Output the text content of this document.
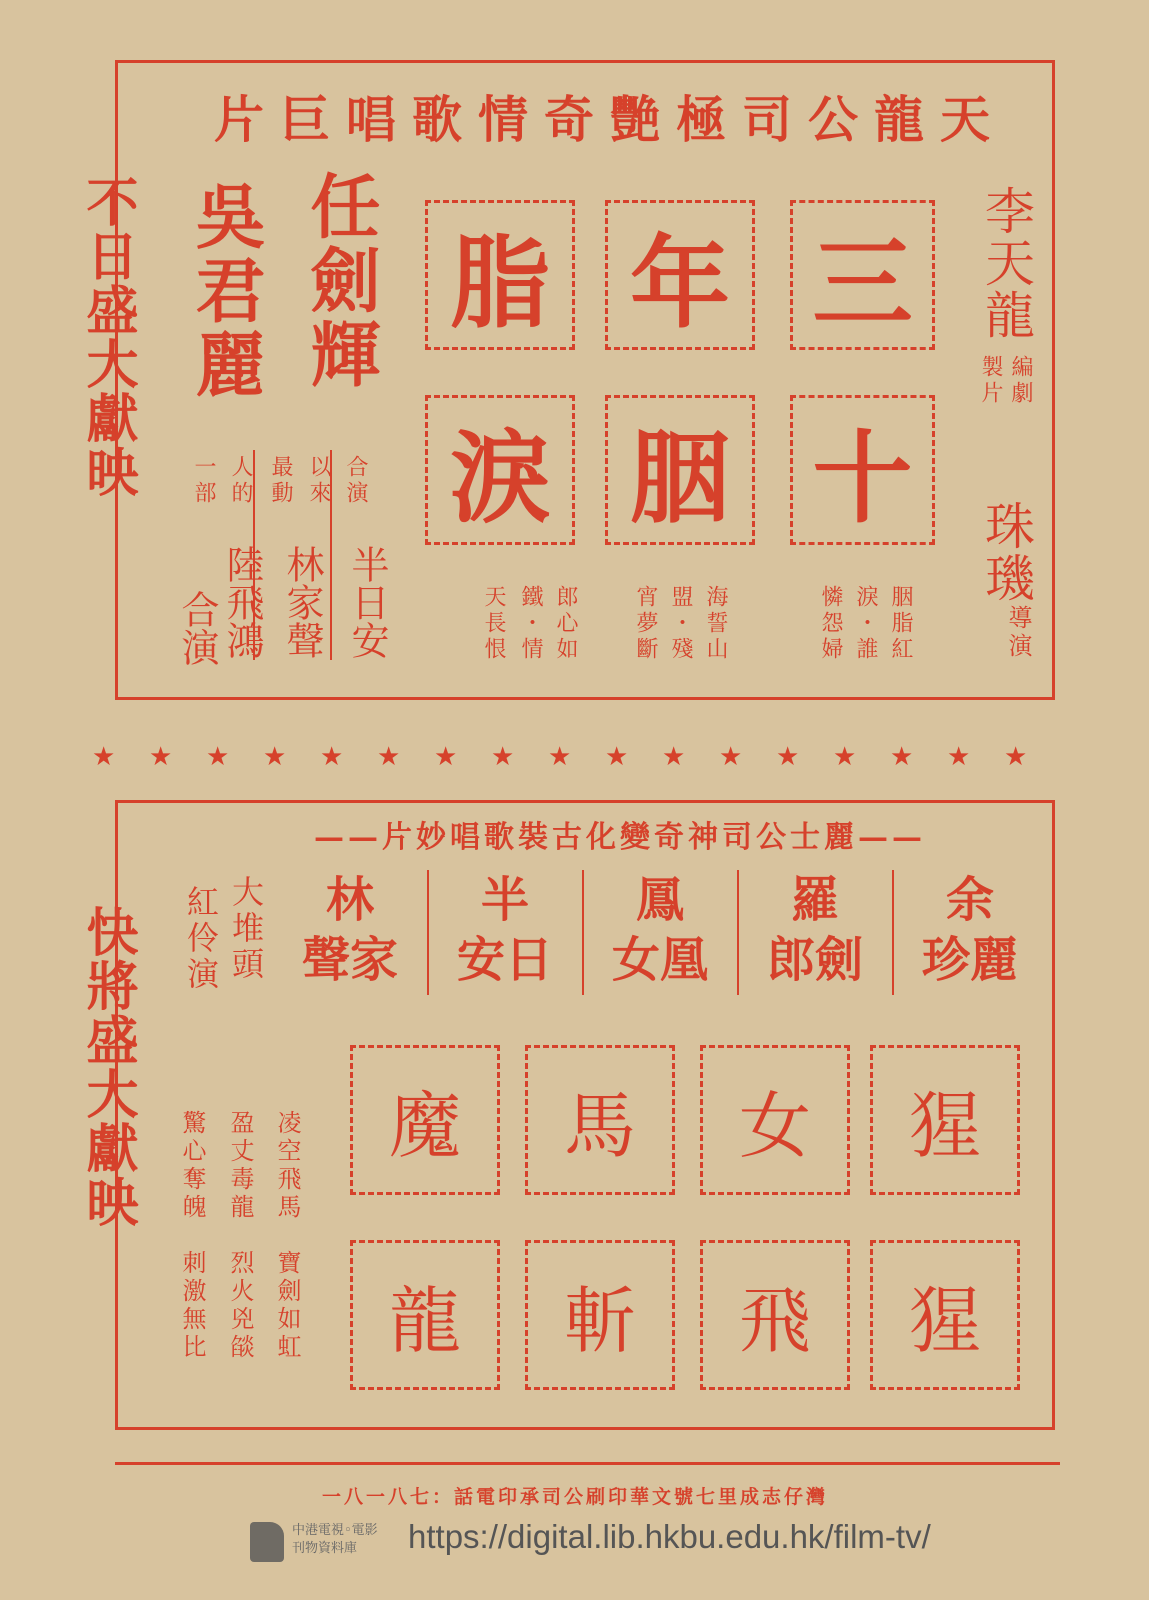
天龍公司極艷奇情歌唱巨片
不日盛大獻映	三
十
年
胭
脂
淚
李天龍
編劇
製片
珠璣
導演
任劍輝
吳君麗
合演
以來
最動
人的
一部
半日安
林家聲
陸飛鴻
合演	胭脂紅
淚・誰
憐怨婦
海誓山
盟・殘
宵夢斷
郎心如
鐵・情
天長恨
★ ★ ★ ★ ★ ★ ★ ★ ★ ★ ★ ★ ★ ★ ★ ★ ★
——麗士公司神奇變化古裝歌唱妙片——
快將盛大獻映
余
麗珍
羅
劍郎
鳳
凰女
半
日安
林
家聲
大堆頭
紅伶演
猩
猩
女
飛
馬
斬
魔
龍
凌空飛馬
盈丈毒龍
驚心奪魄
寶劍如虹
烈火兇燄
刺激無比
灣仔志成里七號文華印刷公司承印電話：七八一八一
中港電視◦電影
刊物資料庫	https://digital.lib.hkbu.edu.hk/film-tv/
